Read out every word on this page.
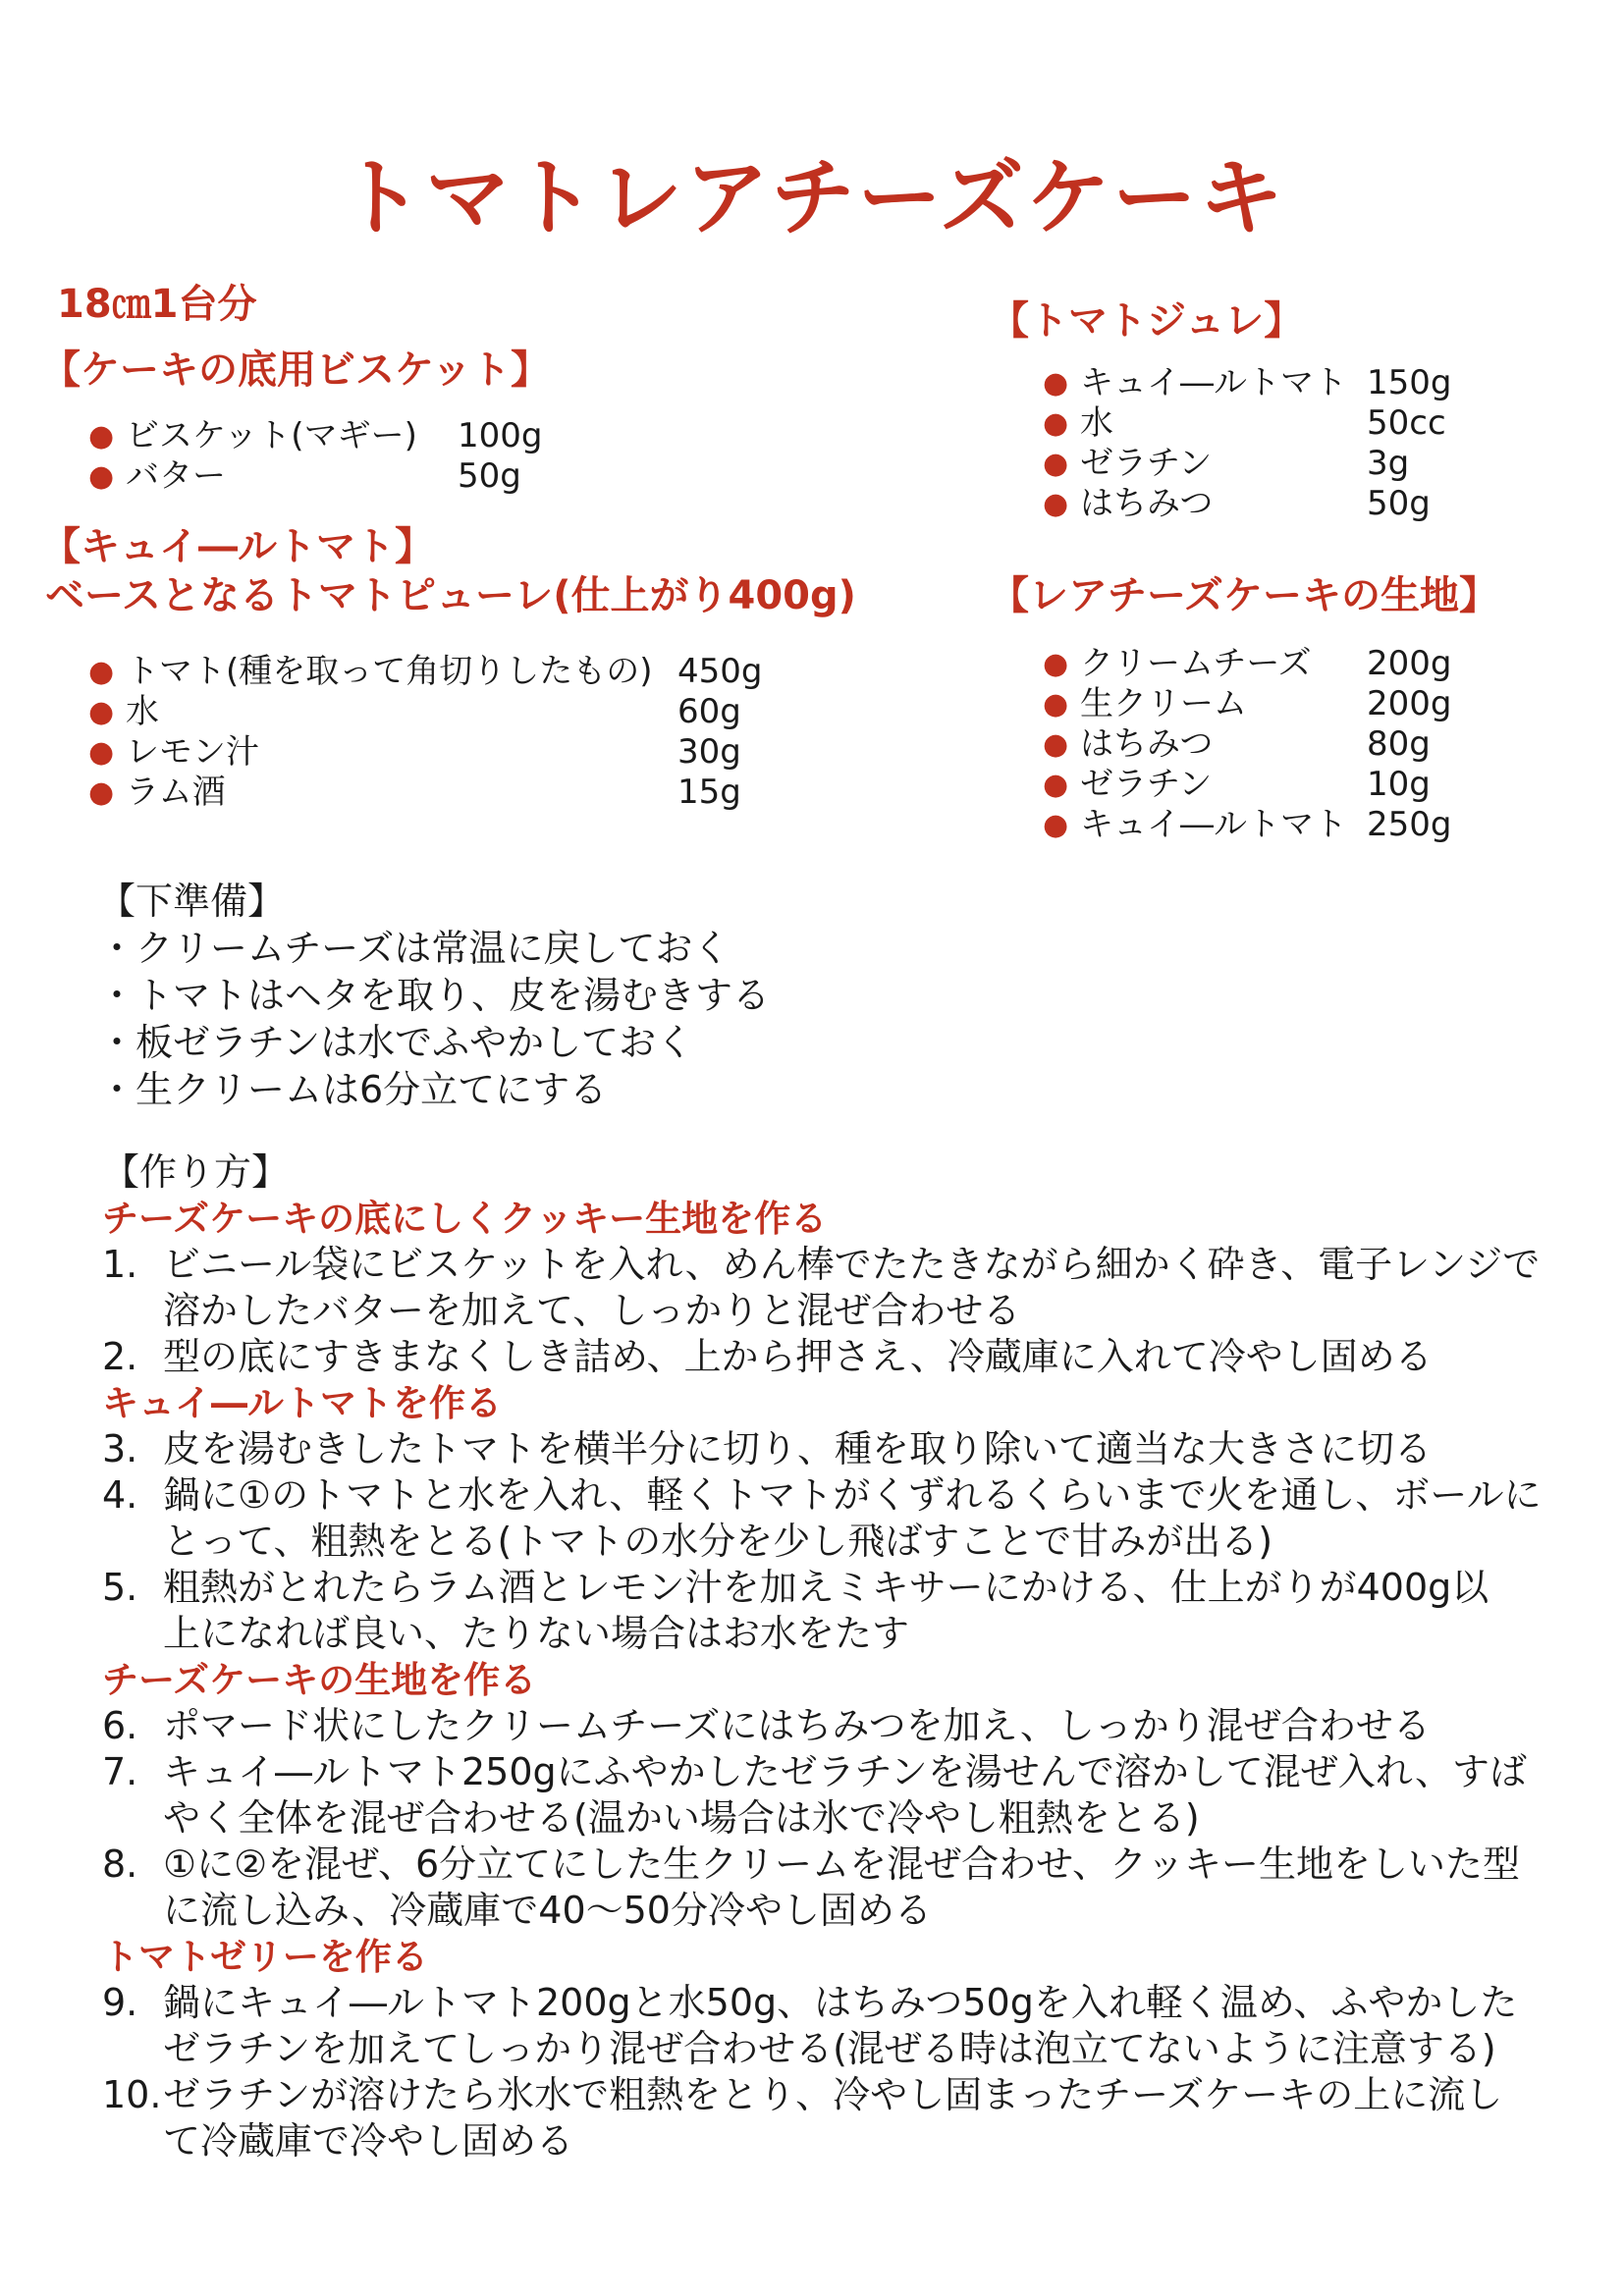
トマトレアチーズケーキ
18㎝1台分
【ケーキの底用ビスケット】
● ビスケット(マギー) 100g
● バター	50g
【キュイ―ルトマト】
ベースとなるトマトピューレ(仕上がり400g)
● トマト(種を取って角切りしたもの) 450g
● 水	60g
● レモン汁	30g
● ラム酒	15g
【トマトジュレ】
● キュイ―ルトマト 150g
● 水	50cc
● ゼラチン	3g
● はちみつ	50g
【レアチーズケーキの生地】
● クリームチーズ 200g
● 生クリーム	200g
● はちみつ	80g
● ゼラチン	10g
● キュイ―ルトマト 250g
【下準備】
・クリームチーズは常温に戻しておく
・トマトはヘタを取り、皮を湯むきする
・板ゼラチンは水でふやかしておく
・生クリームは6分立てにする
【作り方】
チーズケーキの底にしくクッキー生地を作る
1. ビニール袋にビスケットを入れ、めん棒でたたきながら細かく砕き、電子レンジで
溶かしたバターを加えて、しっかりと混ぜ合わせる
2. 型の底にすきまなくしき詰め、上から押さえ、冷蔵庫に入れて冷やし固める
キュイ―ルトマトを作る
3. 皮を湯むきしたトマトを横半分に切り、種を取り除いて適当な大きさに切る
4. 鍋に①のトマトと水を入れ、軽くトマトがくずれるくらいまで火を通し、ボールに
とって、粗熱をとる(トマトの水分を少し飛ばすことで甘みが出る)
5. 粗熱がとれたらラム酒とレモン汁を加えミキサーにかける、仕上がりが400g以
上になれば良い、たりない場合はお水をたす
チーズケーキの生地を作る
6. ポマード状にしたクリームチーズにはちみつを加え、しっかり混ぜ合わせる
7. キュイ―ルトマト250gにふやかしたゼラチンを湯せんで溶かして混ぜ入れ、すば
やく全体を混ぜ合わせる(温かい場合は氷で冷やし粗熱をとる)
8. ①に②を混ぜ、6分立てにした生クリームを混ぜ合わせ、クッキー生地をしいた型
に流し込み、冷蔵庫で40～50分冷やし固める
トマトゼリーを作る
9. 鍋にキュイ―ルトマト200gと水50g、はちみつ50gを入れ軽く温め、ふやかした
ゼラチンを加えてしっかり混ぜ合わせる(混ぜる時は泡立てないように注意する)
10. ゼラチンが溶けたら氷水で粗熱をとり、冷やし固まったチーズケーキの上に流し
て冷蔵庫で冷やし固める
